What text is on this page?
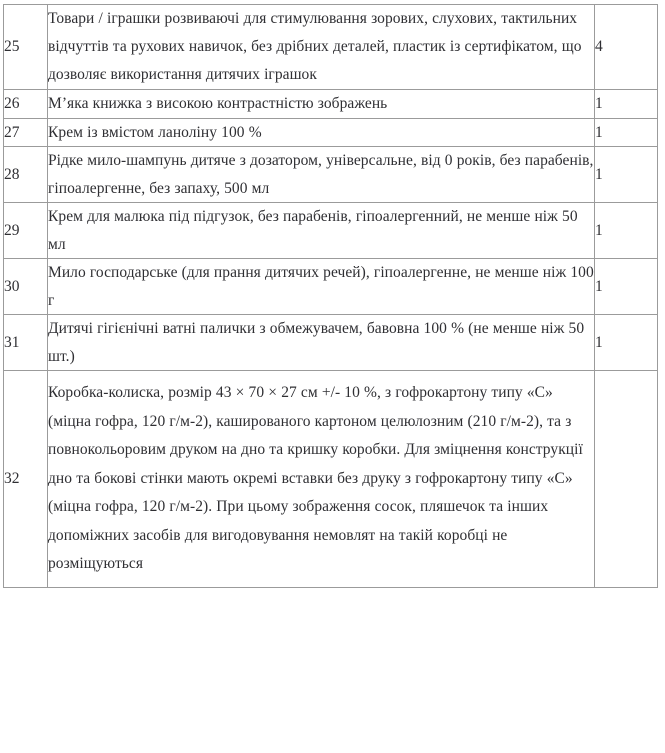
25	Товари / іграшки розвиваючі для стимулювання зорових, слухових, тактильних відчуттів та рухових навичок, без дрібних деталей, пластик із сертифікатом, що дозволяє використання дитячих іграшок	4
26	М’яка книжка з високою контрастністю зображень	1
27	Крем із вмістом ланоліну 100 %	1
28	Рідке мило-шампунь дитяче з дозатором, універсальне, від 0 років, без парабенів, гіпоалергенне, без запаху, 500 мл	1
29	Крем для малюка під підгузок, без парабенів, гіпоалергенний, не менше ніж 50 мл	1
30	Мило господарське (для прання дитячих речей), гіпоалергенне, не менше ніж 100 г	1
31	Дитячі гігієнічні ватні палички з обмежувачем, бавовна 100 % (не менше ніж 50 шт.)	1
32	Коробка-колиска, розмір 43 × 70 × 27 см +/- 10 %, з гофрокартону типу «С» (міцна гофра, 120 г/м-2), кашированого картоном целюлозним (210 г/м-2), та з повнокольоровим друком на дно та кришку коробки. Для зміцнення конструкції дно та бокові стінки мають окремі вставки без друку з гофрокартону типу «С» (міцна гофра, 120 г/м-2). При цьому зображення сосок, пляшечок та інших допоміжних засобів для вигодовування немовлят на такій коробці не розміщуються	
